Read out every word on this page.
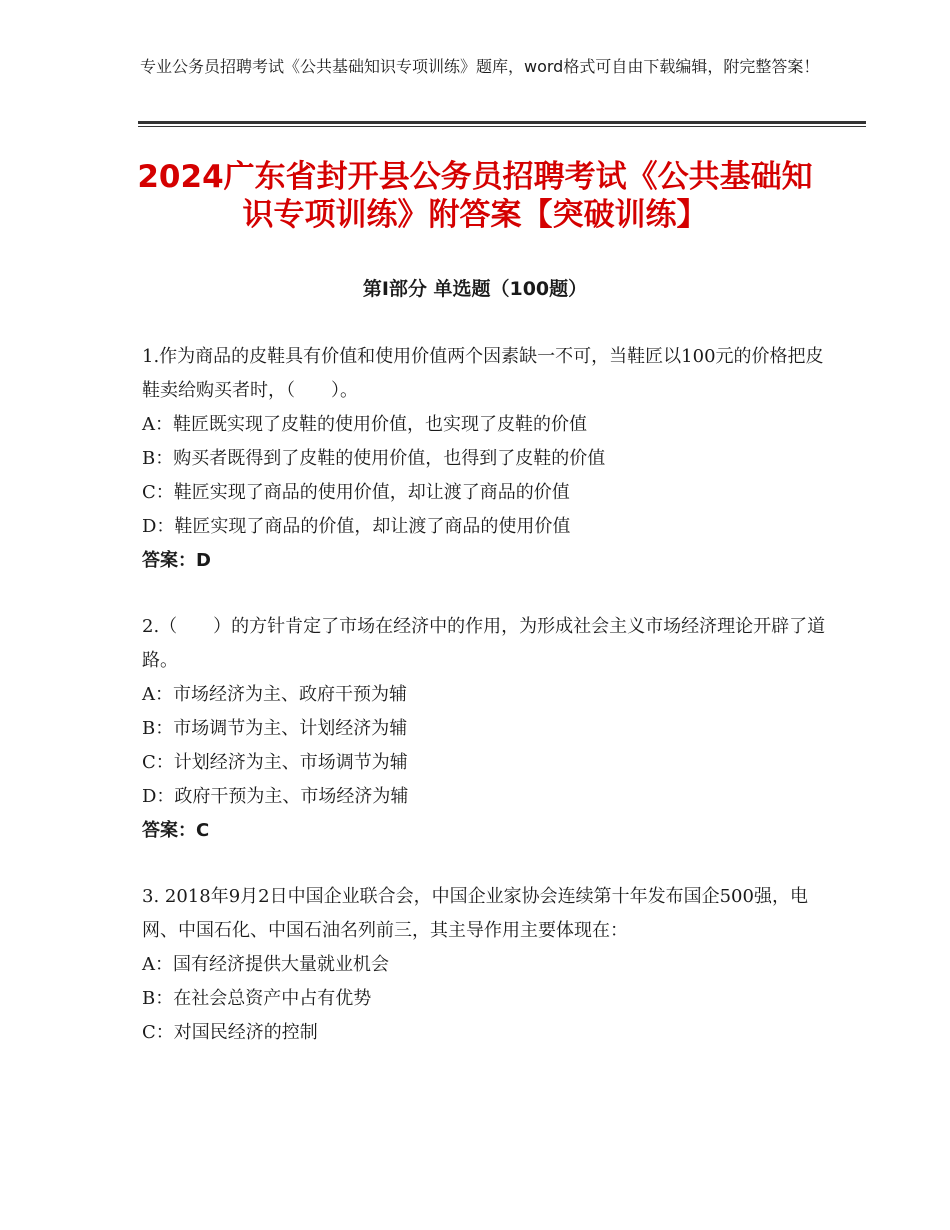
专业公务员招聘考试《公共基础知识专项训练》题库，word格式可自由下载编辑，附完整答案！
2024广东省封开县公务员招聘考试《公共基础知识专项训练》附答案【突破训练】
第Ⅰ部分 单选题（100题）

1.作为商品的皮鞋具有价值和使用价值两个因素缺一不可，当鞋匠以100元的价格把皮鞋卖给购买者时，（　　）。

A：鞋匠既实现了皮鞋的使用价值，也实现了皮鞋的价值

B：购买者既得到了皮鞋的使用价值，也得到了皮鞋的价值

C：鞋匠实现了商品的使用价值，却让渡了商品的价值

D：鞋匠实现了商品的价值，却让渡了商品的使用价值

答案：D

2.（　　）的方针肯定了市场在经济中的作用，为形成社会主义市场经济理论开辟了道路。

A：市场经济为主、政府干预为辅

B：市场调节为主、计划经济为辅

C：计划经济为主、市场调节为辅

D：政府干预为主、市场经济为辅

答案：C

3. 2018年9月2日中国企业联合会，中国企业家协会连续第十年发布国企500强，电网、中国石化、中国石油名列前三，其主导作用主要体现在：

A：国有经济提供大量就业机会

B：在社会总资产中占有优势

C：对国民经济的控制
